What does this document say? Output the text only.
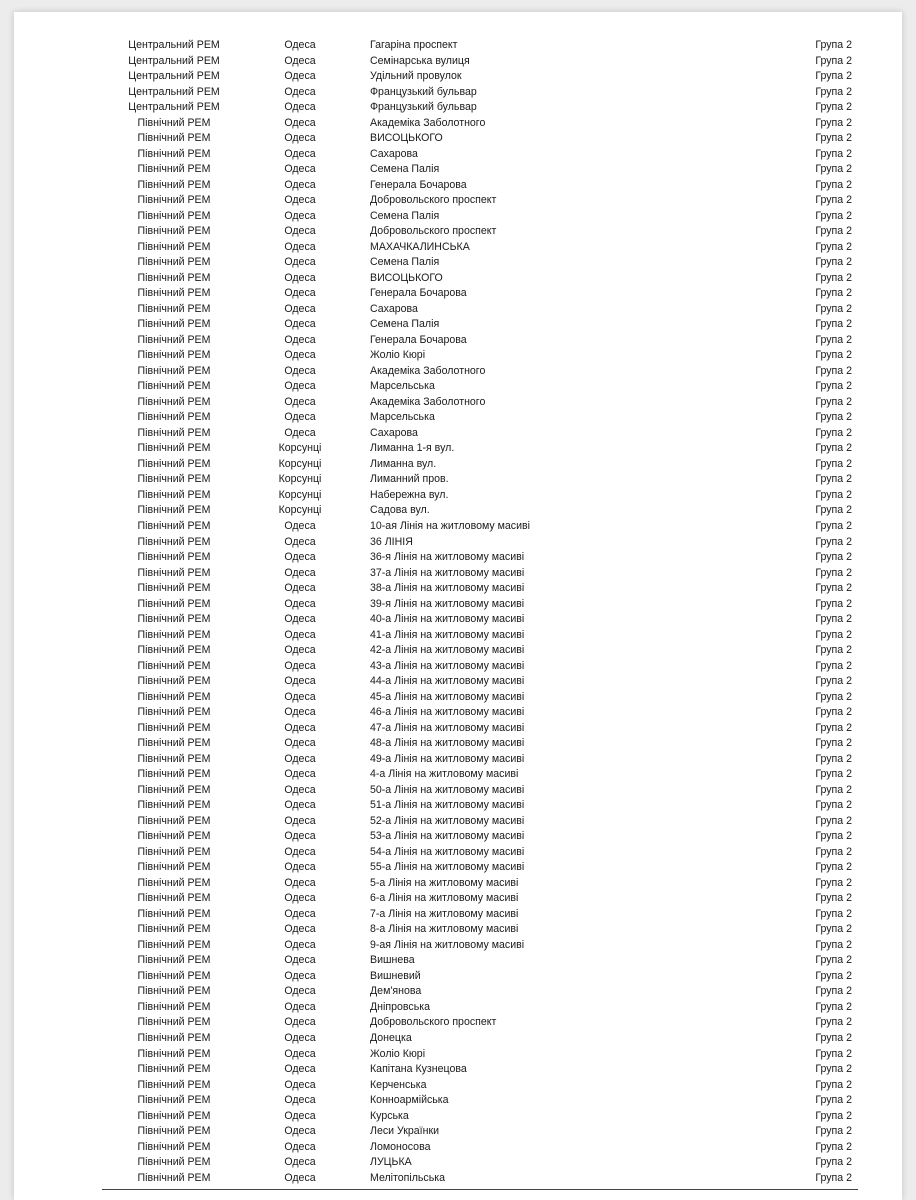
Центральний РЕМ	Одеса	Гагаріна проспект	Група 2
Центральний РЕМ	Одеса	Семінарська вулиця	Група 2
Центральний РЕМ	Одеса	Удільний провулок	Група 2
Центральний РЕМ	Одеса	Французький бульвар	Група 2
Центральний РЕМ	Одеса	Французький бульвар	Група 2
Північний РЕМ	Одеса	Академіка Заболотного	Група 2
Північний РЕМ	Одеса	ВИСОЦЬКОГО	Група 2
Північний РЕМ	Одеса	Сахарова	Група 2
Північний РЕМ	Одеса	Семена Палія	Група 2
Північний РЕМ	Одеса	Генерала Бочарова	Група 2
Північний РЕМ	Одеса	Добровольского проспект	Група 2
Північний РЕМ	Одеса	Семена Палія	Група 2
Північний РЕМ	Одеса	Добровольского проспект	Група 2
Північний РЕМ	Одеса	МАХАЧКАЛИНСЬКА	Група 2
Північний РЕМ	Одеса	Семена Палія	Група 2
Північний РЕМ	Одеса	ВИСОЦЬКОГО	Група 2
Північний РЕМ	Одеса	Генерала Бочарова	Група 2
Північний РЕМ	Одеса	Сахарова	Група 2
Північний РЕМ	Одеса	Семена Палія	Група 2
Північний РЕМ	Одеса	Генерала Бочарова	Група 2
Північний РЕМ	Одеса	Жоліо Кюрі	Група 2
Північний РЕМ	Одеса	Академіка Заболотного	Група 2
Північний РЕМ	Одеса	Марсельська	Група 2
Північний РЕМ	Одеса	Академіка Заболотного	Група 2
Північний РЕМ	Одеса	Марсельська	Група 2
Північний РЕМ	Одеса	Сахарова	Група 2
Північний РЕМ	Корсунці	Лиманна 1-я вул.	Група 2
Північний РЕМ	Корсунці	Лиманна вул.	Група 2
Північний РЕМ	Корсунці	Лиманний пров.	Група 2
Північний РЕМ	Корсунці	Набережна вул.	Група 2
Північний РЕМ	Корсунці	Садова вул.	Група 2
Північний РЕМ	Одеса	10-ая Лінія на житловому масиві	Група 2
Північний РЕМ	Одеса	36 ЛІНІЯ	Група 2
Північний РЕМ	Одеса	36-я Лінія на житловому масиві	Група 2
Північний РЕМ	Одеса	37-а Лінія на житловому масиві	Група 2
Північний РЕМ	Одеса	38-а Лінія на житловому масиві	Група 2
Північний РЕМ	Одеса	39-я Лінія на житловому масиві	Група 2
Північний РЕМ	Одеса	40-а Лінія на житловому масиві	Група 2
Північний РЕМ	Одеса	41-а Лінія на житловому масиві	Група 2
Північний РЕМ	Одеса	42-а Лінія на житловому масиві	Група 2
Північний РЕМ	Одеса	43-а Лінія на житловому масиві	Група 2
Північний РЕМ	Одеса	44-а Лінія на житловому масиві	Група 2
Північний РЕМ	Одеса	45-а Лінія на житловому масиві	Група 2
Північний РЕМ	Одеса	46-а Лінія на житловому масиві	Група 2
Північний РЕМ	Одеса	47-а Лінія на житловому масиві	Група 2
Північний РЕМ	Одеса	48-а Лінія на житловому масиві	Група 2
Північний РЕМ	Одеса	49-а Лінія на житловому масиві	Група 2
Північний РЕМ	Одеса	4-а Лінія на житловому масиві	Група 2
Північний РЕМ	Одеса	50-а Лінія на житловому масиві	Група 2
Північний РЕМ	Одеса	51-а Лінія на житловому масиві	Група 2
Північний РЕМ	Одеса	52-а Лінія на житловому масиві	Група 2
Північний РЕМ	Одеса	53-а Лінія на житловому масиві	Група 2
Північний РЕМ	Одеса	54-а Лінія на житловому масиві	Група 2
Північний РЕМ	Одеса	55-а Лінія на житловому масиві	Група 2
Північний РЕМ	Одеса	5-а Лінія на житловому масиві	Група 2
Північний РЕМ	Одеса	6-а Лінія на житловому масиві	Група 2
Північний РЕМ	Одеса	7-а Лінія на житловому масиві	Група 2
Північний РЕМ	Одеса	8-а Лінія на житловому масиві	Група 2
Північний РЕМ	Одеса	9-ая Лінія на житловому масиві	Група 2
Північний РЕМ	Одеса	Вишнева	Група 2
Північний РЕМ	Одеса	Вишневий	Група 2
Північний РЕМ	Одеса	Дем'янова	Група 2
Північний РЕМ	Одеса	Дніпровська	Група 2
Північний РЕМ	Одеса	Добровольского проспект	Група 2
Північний РЕМ	Одеса	Донецка	Група 2
Північний РЕМ	Одеса	Жоліо Кюрі	Група 2
Північний РЕМ	Одеса	Капітана Кузнецова	Група 2
Північний РЕМ	Одеса	Керченська	Група 2
Північний РЕМ	Одеса	Конноармійська	Група 2
Північний РЕМ	Одеса	Курська	Група 2
Північний РЕМ	Одеса	Леси Українки	Група 2
Північний РЕМ	Одеса	Ломоносова	Група 2
Північний РЕМ	Одеса	ЛУЦЬКА	Група 2
Північний РЕМ	Одеса	Мелітопільська	Група 2
